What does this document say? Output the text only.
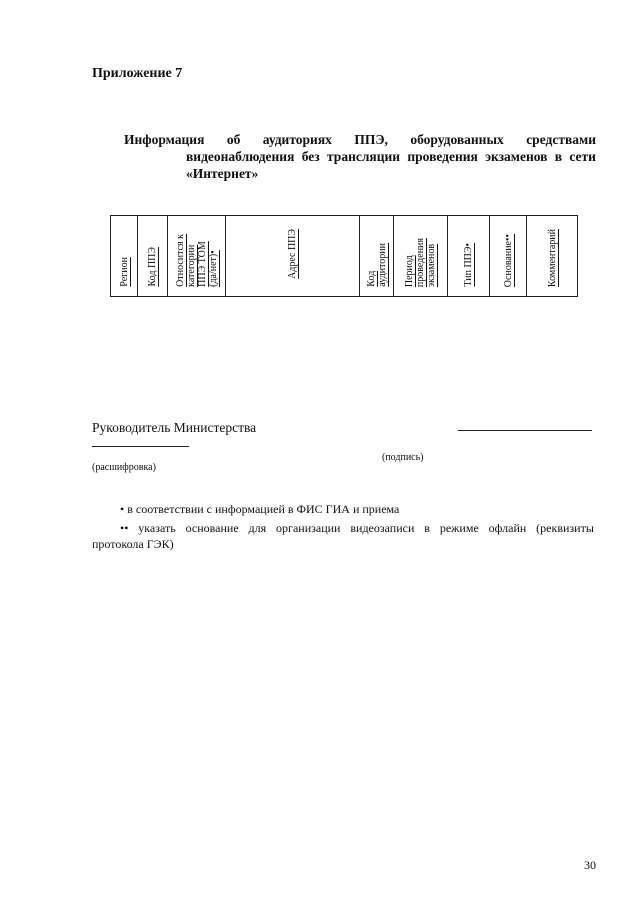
Приложение 7
Информация об аудиториях ППЭ, оборудованных средствами
видеонаблюдения без трансляции проведения экзаменов в сети
«Интернет»
Регион	Код ППЭ	Относится к
категории
ППЭ ТОМ
(да/нет)•	Адрес ППЭ	Код
аудитории	Период
проведения
экзаменов	Тип ППЭ•	Основание••	Комментарий
Руководитель Министерства
(подпись)
(расшифровка)
• в соответствии с информацией в ФИС ГИА и приема
•• указать основание для организации видеозаписи в режиме офлайн (реквизиты
протокола ГЭК)
30
